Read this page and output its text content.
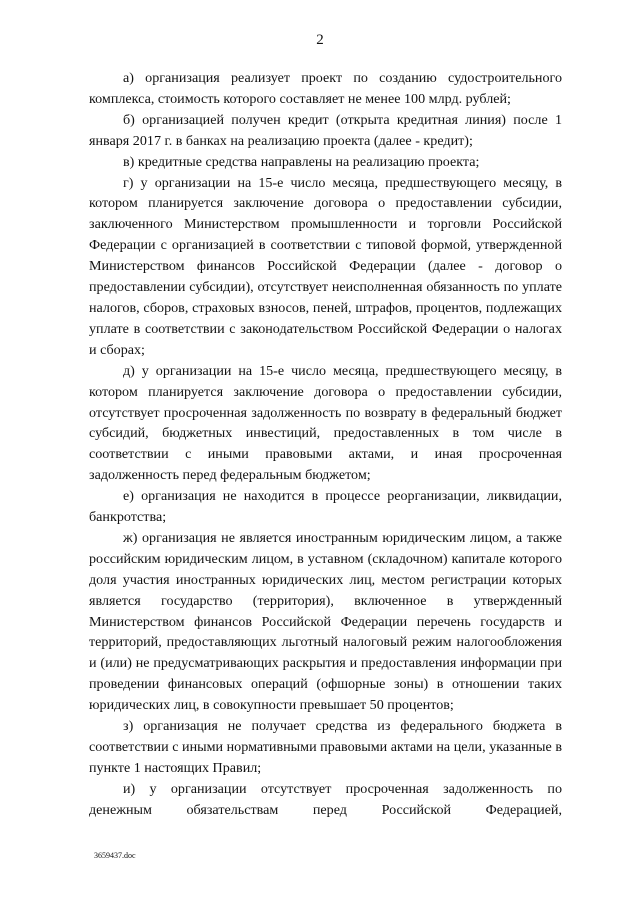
2

а) организация реализует проект по созданию судостроительного комплекса, стоимость которого составляет не менее 100 млрд. рублей;

б) организацией получен кредит (открыта кредитная линия) после 1 января 2017 г. в банках на реализацию проекта (далее - кредит);

в) кредитные средства направлены на реализацию проекта;

г) у организации на 15-е число месяца, предшествующего месяцу, в котором планируется заключение договора о предоставлении субсидии, заключенного Министерством промышленности и торговли Российской Федерации с организацией в соответствии с типовой формой, утвержденной Министерством финансов Российской Федерации (далее - договор о предоставлении субсидии), отсутствует неисполненная обязанность по уплате налогов, сборов, страховых взносов, пеней, штрафов, процентов, подлежащих уплате в соответствии с законодательством Российской Федерации о налогах и сборах;

д) у организации на 15-е число месяца, предшествующего месяцу, в котором планируется заключение договора о предоставлении субсидии, отсутствует просроченная задолженность по возврату в федеральный бюджет субсидий, бюджетных инвестиций, предоставленных в том числе в соответствии с иными правовыми актами, и иная просроченная задолженность перед федеральным бюджетом;

е) организация не находится в процессе реорганизации, ликвидации, банкротства;

ж) организация не является иностранным юридическим лицом, а также российским юридическим лицом, в уставном (складочном) капитале которого доля участия иностранных юридических лиц, местом регистрации которых является государство (территория), включенное в утвержденный Министерством финансов Российской Федерации перечень государств и территорий, предоставляющих льготный налоговый режим налогообложения и (или) не предусматривающих раскрытия и предоставления информации при проведении финансовых операций (офшорные зоны) в отношении таких юридических лиц, в совокупности превышает 50 процентов;

з) организация не получает средства из федерального бюджета в соответствии с иными нормативными правовыми актами на цели, указанные в пункте 1 настоящих Правил;

и) у организации отсутствует просроченная задолженность по денежным обязательствам перед Российской Федерацией,

3659437.doc
